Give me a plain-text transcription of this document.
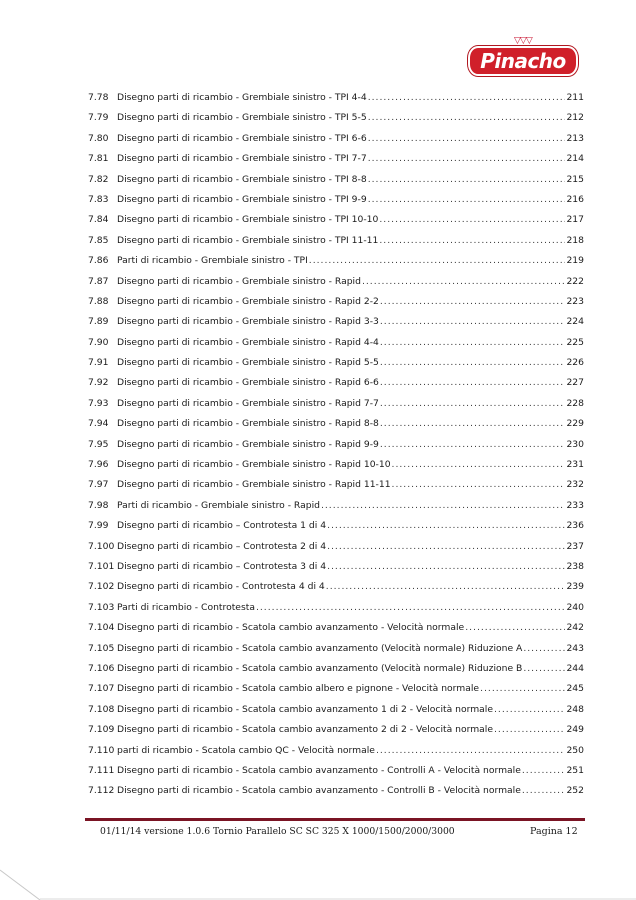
▽▽▽
Pinacho
7.78 Disegno parti di ricambio - Grembiale sinistro - TPI 4-4 .....	211
7.79 Disegno parti di ricambio - Grembiale sinistro - TPI 5-5 .....	212
7.80 Disegno parti di ricambio - Grembiale sinistro - TPI 6-6 .....	213
7.81 Disegno parti di ricambio - Grembiale sinistro - TPI 7-7 .....	214
7.82 Disegno parti di ricambio - Grembiale sinistro - TPI 8-8 .....	215
7.83 Disegno parti di ricambio - Grembiale sinistro - TPI 9-9 .....	216
7.84 Disegno parti di ricambio - Grembiale sinistro - TPI 10-10 .....	217
7.85 Disegno parti di ricambio - Grembiale sinistro - TPI 11-11 .....	218
7.86 Parti di ricambio - Grembiale sinistro - TPI .....	219
7.87 Disegno parti di ricambio - Grembiale sinistro - Rapid .....	222
7.88 Disegno parti di ricambio - Grembiale sinistro - Rapid 2-2 .....	223
7.89 Disegno parti di ricambio - Grembiale sinistro - Rapid 3-3 .....	224
7.90 Disegno parti di ricambio - Grembiale sinistro - Rapid 4-4 .....	225
7.91 Disegno parti di ricambio - Grembiale sinistro - Rapid 5-5 .....	226
7.92 Disegno parti di ricambio - Grembiale sinistro - Rapid 6-6 .....	227
7.93 Disegno parti di ricambio - Grembiale sinistro - Rapid 7-7 .....	228
7.94 Disegno parti di ricambio - Grembiale sinistro - Rapid 8-8 .....	229
7.95 Disegno parti di ricambio - Grembiale sinistro - Rapid 9-9 .....	230
7.96 Disegno parti di ricambio - Grembiale sinistro - Rapid 10-10 .....	231
7.97 Disegno parti di ricambio - Grembiale sinistro - Rapid 11-11 .....	232
7.98 Parti di ricambio - Grembiale sinistro - Rapid .....	233
7.99 Disegno parti di ricambio – Controtesta 1 di 4 .....	236
7.100 Disegno parti di ricambio – Controtesta 2 di 4 .....	237
7.101 Disegno parti di ricambio – Controtesta 3 di 4 .....	238
7.102 Disegno parti di ricambio - Controtesta 4 di 4 .....	239
7.103 Parti di ricambio - Controtesta .....	240
7.104 Disegno parti di ricambio - Scatola cambio avanzamento - Velocità normale .....	242
7.105 Disegno parti di ricambio - Scatola cambio avanzamento (Velocità normale) Riduzione A .....	243
7.106 Disegno parti di ricambio - Scatola cambio avanzamento (Velocità normale) Riduzione B .....	244
7.107 Disegno parti di ricambio - Scatola cambio albero e pignone - Velocità normale .....	245
7.108 Disegno parti di ricambio - Scatola cambio avanzamento 1 di 2 - Velocità normale .....	248
7.109 Disegno parti di ricambio - Scatola cambio avanzamento 2 di 2 - Velocità normale .....	249
7.110 parti di ricambio - Scatola cambio QC - Velocità normale .....	250
7.111 Disegno parti di ricambio - Scatola cambio avanzamento - Controlli A - Velocità normale .....	251
7.112 Disegno parti di ricambio - Scatola cambio avanzamento - Controlli B - Velocità normale .....	252
01/11/14 versione 1.0.6 Tornio Parallelo SC SC 325 X 1000/1500/2000/3000	Pagina 12
